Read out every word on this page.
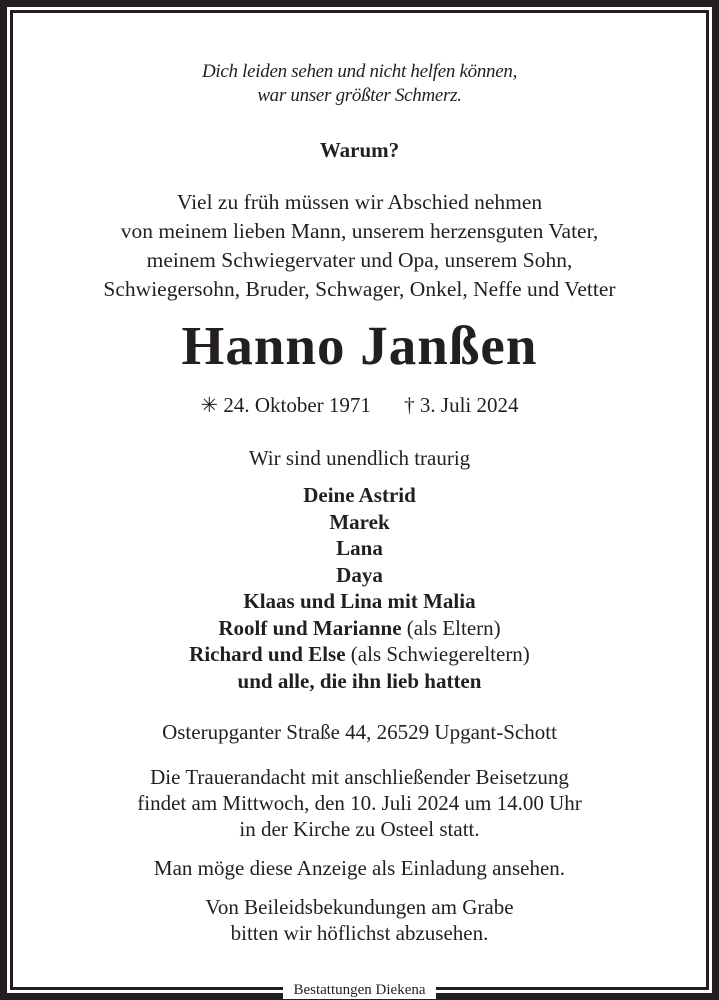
Dich leiden sehen und nicht helfen können,
war unser größter Schmerz.
Warum?
Viel zu früh müssen wir Abschied nehmen
von meinem lieben Mann, unserem herzensguten Vater,
meinem Schwiegervater und Opa, unserem Sohn,
Schwiegersohn, Bruder, Schwager, Onkel, Neffe und Vetter
Hanno Janßen
✳ 24. Oktober 1971 † 3. Juli 2024
Wir sind unendlich traurig
Deine Astrid
Marek
Lana
Daya
Klaas und Lina mit Malia
Roolf und Marianne (als Eltern)
Richard und Else (als Schwiegereltern)
und alle, die ihn lieb hatten
Osterupganter Straße 44, 26529 Upgant-Schott
Die Trauerandacht mit anschließender Beisetzung
findet am Mittwoch, den 10. Juli 2024 um 14.00 Uhr
in der Kirche zu Osteel statt.
Man möge diese Anzeige als Einladung ansehen.
Von Beileidsbekundungen am Grabe
bitten wir höflichst abzusehen.
Bestattungen Diekena
